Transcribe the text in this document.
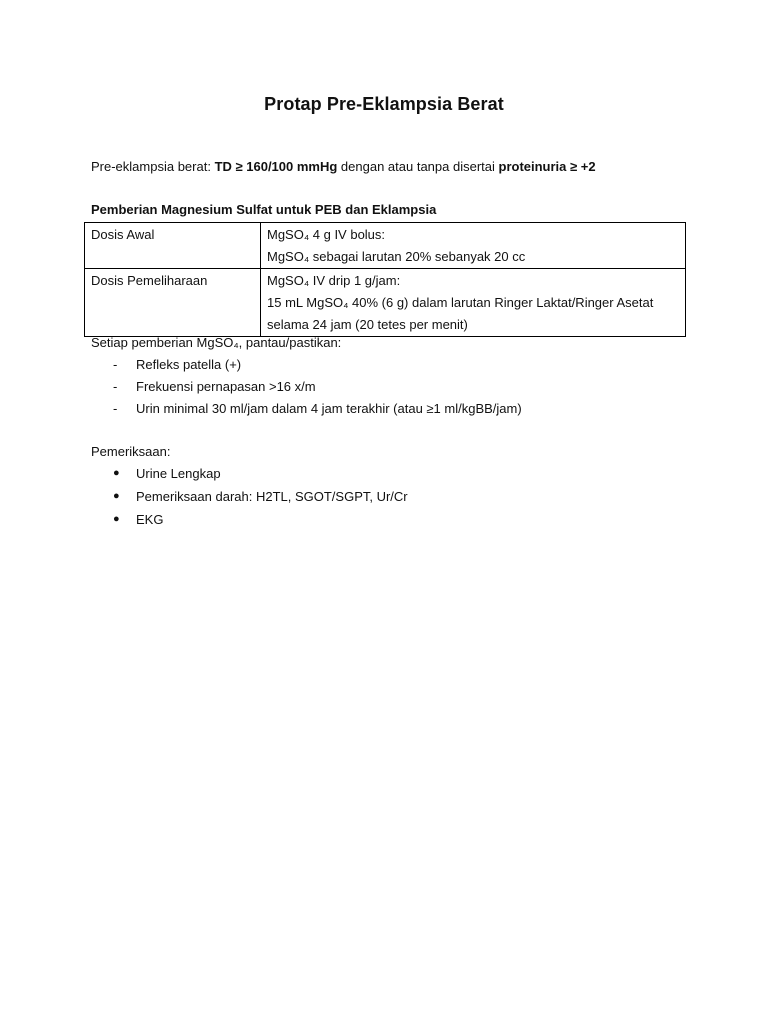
Protap Pre-Eklampsia Berat
Pre-eklampsia berat: TD ≥ 160/100 mmHg dengan atau tanpa disertai proteinuria ≥ +2
Pemberian Magnesium Sulfat untuk PEB dan Eklampsia
Dosis Awal	MgSO₄ 4 g IV bolus:
MgSO₄ sebagai larutan 20% sebanyak 20 cc

Dosis Pemeliharaan	MgSO₄ IV drip 1 g/jam:
15 mL MgSO₄ 40% (6 g) dalam larutan Ringer Laktat/Ringer Asetat
selama 24 jam (20 tetes per menit)
Setiap pemberian MgSO₄, pantau/pastikan:
- Refleks patella (+)
- Frekuensi pernapasan >16 x/m
- Urin minimal 30 ml/jam dalam 4 jam terakhir (atau ≥1 ml/kgBB/jam)
Pemeriksaan:
● Urine Lengkap
● Pemeriksaan darah: H2TL, SGOT/SGPT, Ur/Cr
● EKG
